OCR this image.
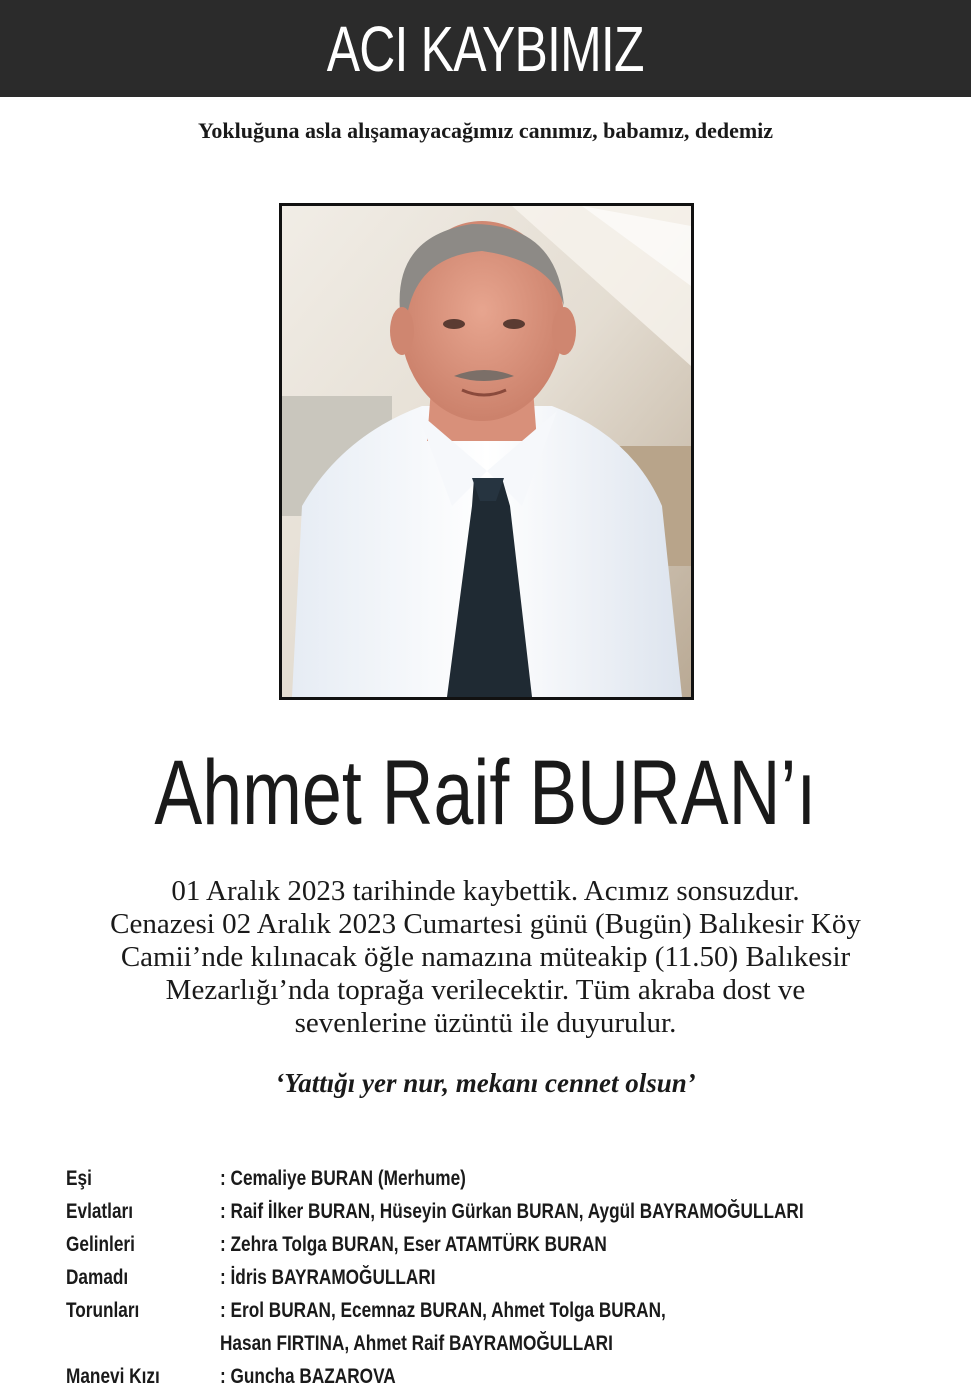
ACI KAYBIMIZ
Yokluğuna asla alışamayacağımız canımız, babamız, dedemiz
Ahmet Raif BURAN’ı
01 Aralık 2023 tarihinde kaybettik. Acımız sonsuzdur.
Cenazesi 02 Aralık 2023 Cumartesi günü (Bugün) Balıkesir Köy
Camii’nde kılınacak öğle namazına müteakip (11.50) Balıkesir
Mezarlığı’nda toprağa verilecektir. Tüm akraba dost ve
sevenlerine üzüntü ile duyurulur.
‘Yattığı yer nur, mekanı cennet olsun’
Eşi	: Cemaliye BURAN (Merhume)
Evlatları	: Raif İlker BURAN, Hüseyin Gürkan BURAN, Aygül BAYRAMOĞULLARI
Gelinleri	: Zehra Tolga BURAN, Eser ATAMTÜRK BURAN
Damadı	: İdris BAYRAMOĞULLARI
Torunları	: Erol BURAN, Ecemnaz BURAN, Ahmet Tolga BURAN,
Hasan FIRTINA, Ahmet Raif BAYRAMOĞULLARI
Manevi Kızı	: Guncha BAZAROVA
